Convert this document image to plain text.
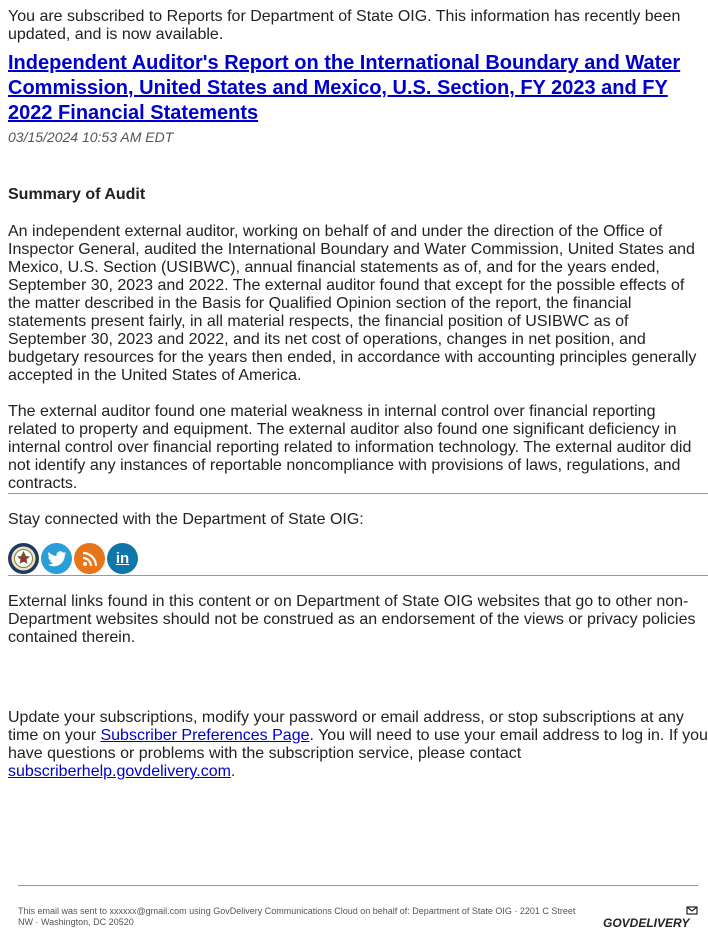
You are subscribed to Reports for Department of State OIG. This information has recently been updated, and is now available.

Independent Auditor's Report on the International Boundary and Water Commission, United States and Mexico, U.S. Section, FY 2023 and FY 2022 Financial Statements
03/15/2024 10:53 AM EDT
Summary of Audit

An independent external auditor, working on behalf of and under the direction of the Office of Inspector General, audited the International Boundary and Water Commission, United States and Mexico, U.S. Section (USIBWC), annual financial statements as of, and for the years ended, September 30, 2023 and 2022. The external auditor found that except for the possible effects of the matter described in the Basis for Qualified Opinion section of the report, the financial statements present fairly, in all material respects, the financial position of USIBWC as of September 30, 2023 and 2022, and its net cost of operations, changes in net position, and budgetary resources for the years then ended, in accordance with accounting principles generally accepted in the United States of America.

The external auditor found one material weakness in internal control over financial reporting related to property and equipment. The external auditor also found one significant deficiency in internal control over financial reporting related to information technology. The external auditor did not identify any instances of reportable noncompliance with provisions of laws, regulations, and contracts.

Stay connected with the Department of State OIG:
in
External links found in this content or on Department of State OIG websites that go to other non-Department websites should not be construed as an endorsement of the views or privacy policies contained therein.
Update your subscriptions, modify your password or email address, or stop subscriptions at any time on your Subscriber Preferences Page. You will need to use your email address to log in. If you have questions or problems with the subscription service, please contact subscriberhelp.govdelivery.com.
This email was sent to xxxxxx@gmail.com using GovDelivery Communications Cloud on behalf of: Department of State OIG · 2201 C Street NW · Washington, DC 20520	GOVDELIVERY
